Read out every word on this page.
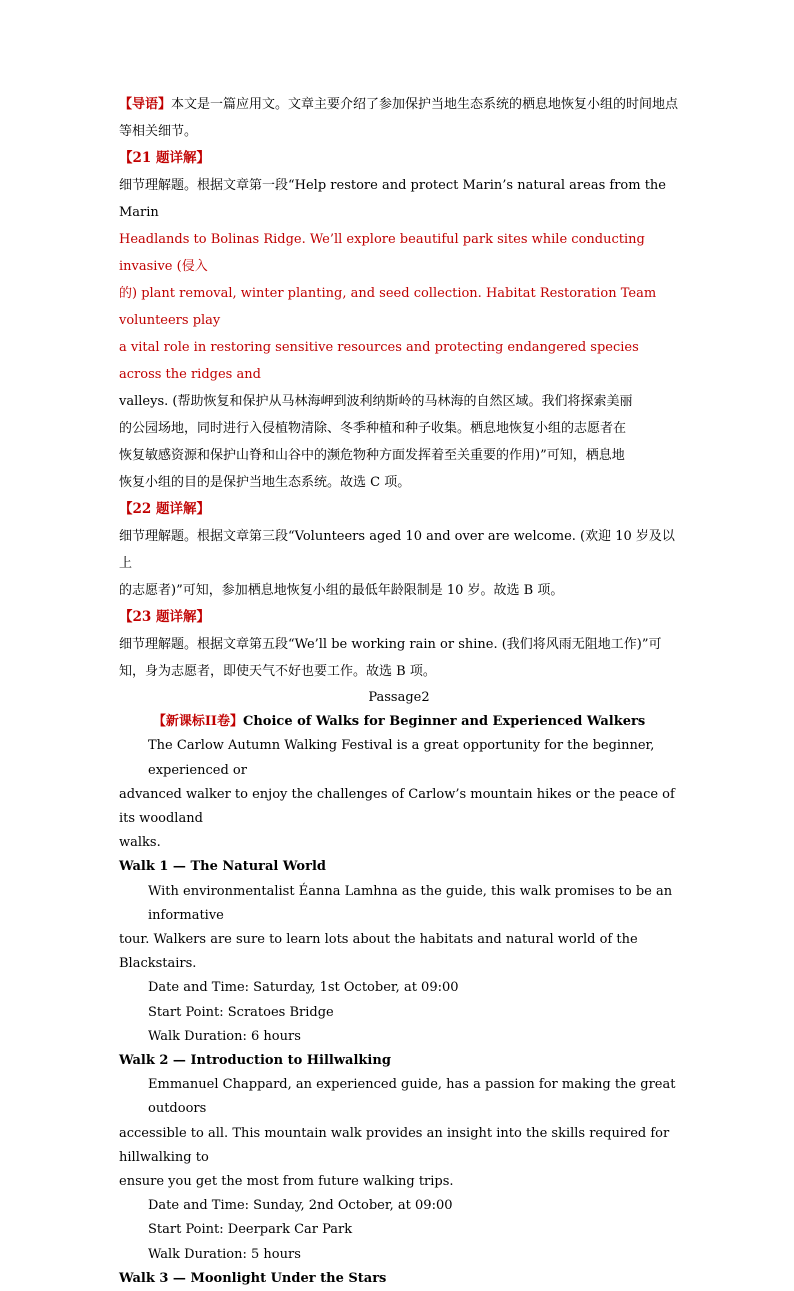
【导语】本文是一篇应用文。文章主要介绍了参加保护当地生态系统的栖息地恢复小组的时间地点等相关细节。
【21 题详解】
细节理解题。根据文章第一段“Help restore and protect Marin’s natural areas from the Marin
Headlands to Bolinas Ridge. We’ll explore beautiful park sites while conducting invasive (侵入
的) plant removal, winter planting, and seed collection. Habitat Restoration Team volunteers play
a vital role in restoring sensitive resources and protecting endangered species across the ridges and
valleys. (帮助恢复和保护从马林海岬到波利纳斯岭的马林海的自然区域。我们将探索美丽
的公园场地，同时进行入侵植物清除、冬季种植和种子收集。栖息地恢复小组的志愿者在
恢复敏感资源和保护山脊和山谷中的濒危物种方面发挥着至关重要的作用)”可知，栖息地
恢复小组的目的是保护当地生态系统。故选 C 项。
【22 题详解】
细节理解题。根据文章第三段“Volunteers aged 10 and over are welcome. (欢迎 10 岁及以上
的志愿者)”可知，参加栖息地恢复小组的最低年龄限制是 10 岁。故选 B 项。
【23 题详解】
细节理解题。根据文章第五段“We’ll be working rain or shine. (我们将风雨无阻地工作)”可
知，身为志愿者，即使天气不好也要工作。故选 B 项。
Passage2
【新课标ⅠⅠ卷】Choice of Walks for Beginner and Experienced Walkers
The Carlow Autumn Walking Festival is a great opportunity for the beginner, experienced or
advanced walker to enjoy the challenges of Carlow’s mountain hikes or the peace of its woodland
walks.
Walk 1 — The Natural World
With environmentalist Éanna Lamhna as the guide, this walk promises to be an informative
tour. Walkers are sure to learn lots about the habitats and natural world of the Blackstairs.
Date and Time: Saturday, 1st October, at 09:00
Start Point: Scratoes Bridge
Walk Duration: 6 hours
Walk 2 — Introduction to Hillwalking
Emmanuel Chappard, an experienced guide, has a passion for making the great outdoors
accessible to all. This mountain walk provides an insight into the skills required for hillwalking to
ensure you get the most from future walking trips.
Date and Time: Sunday, 2nd October, at 09:00
Start Point: Deerpark Car Park
Walk Duration: 5 hours
Walk 3 — Moonlight Under the Stars
